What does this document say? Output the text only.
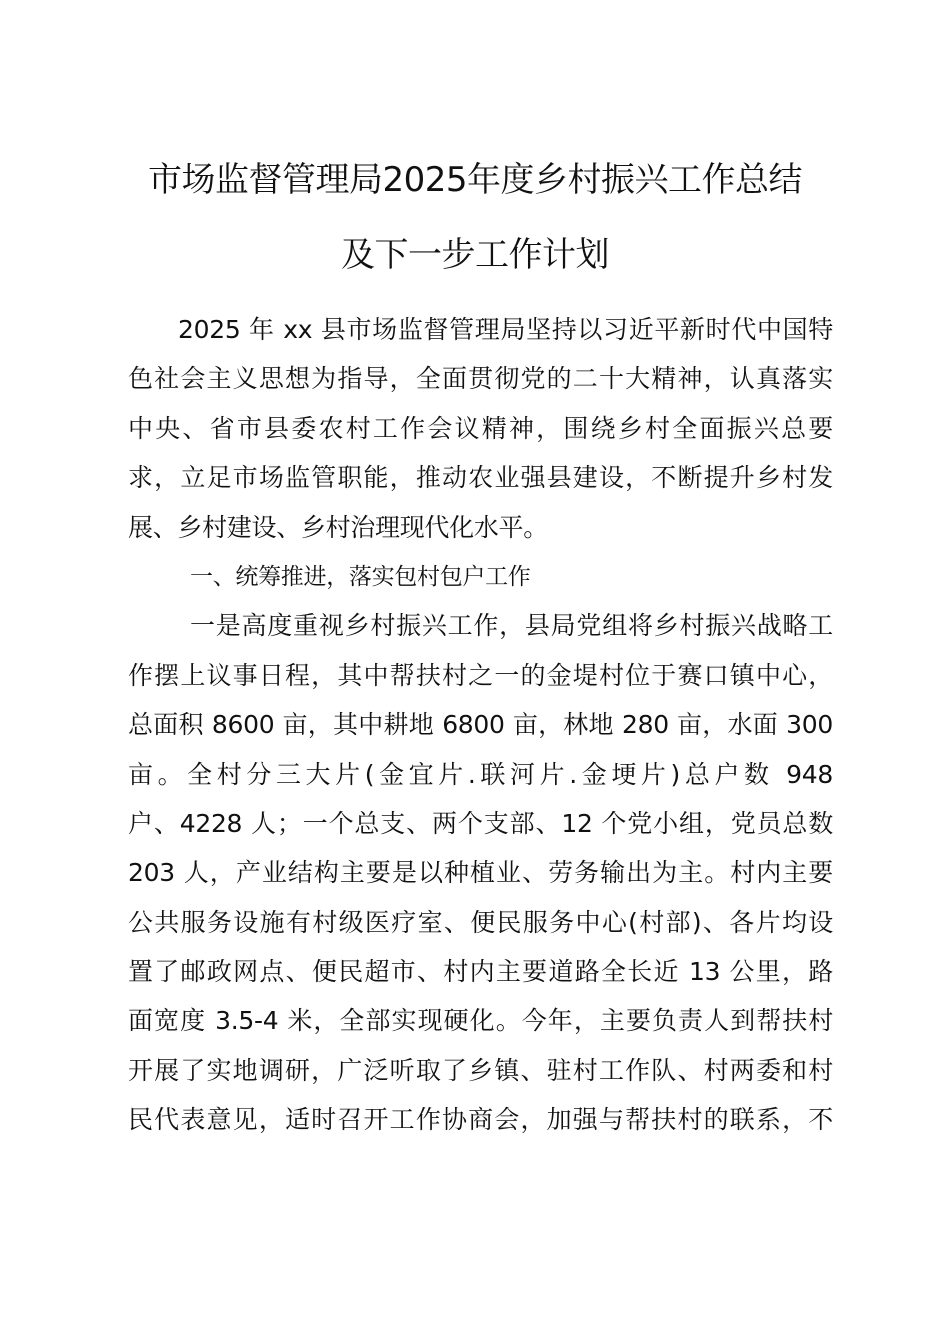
市场监督管理局2025年度乡村振兴工作总结
及下一步工作计划
2025 年 xx 县市场监督管理局坚持以习近平新时代中国特
色社会主义思想为指导，全面贯彻党的二十大精神，认真落实
中央、省市县委农村工作会议精神，围绕乡村全面振兴总要
求，立足市场监管职能，推动农业强县建设，不断提升乡村发
展、乡村建设、乡村治理现代化水平。
一、统筹推进，落实包村包户工作
一是高度重视乡村振兴工作，县局党组将乡村振兴战略工
作摆上议事日程，其中帮扶村之一的金堤村位于赛口镇中心，
总面积 8600 亩，其中耕地 6800 亩，林地 280 亩，水面 300
亩。全村分三大片(金宜片.联河片.金埂片)总户数 948
户、4228 人；一个总支、两个支部、12 个党小组，党员总数
203 人，产业结构主要是以种植业、劳务输出为主。村内主要
公共服务设施有村级医疗室、便民服务中心(村部)、各片均设
置了邮政网点、便民超市、村内主要道路全长近 13 公里，路
面宽度 3.5-4 米，全部实现硬化。今年，主要负责人到帮扶村
开展了实地调研，广泛听取了乡镇、驻村工作队、村两委和村
民代表意见，适时召开工作协商会，加强与帮扶村的联系，不
